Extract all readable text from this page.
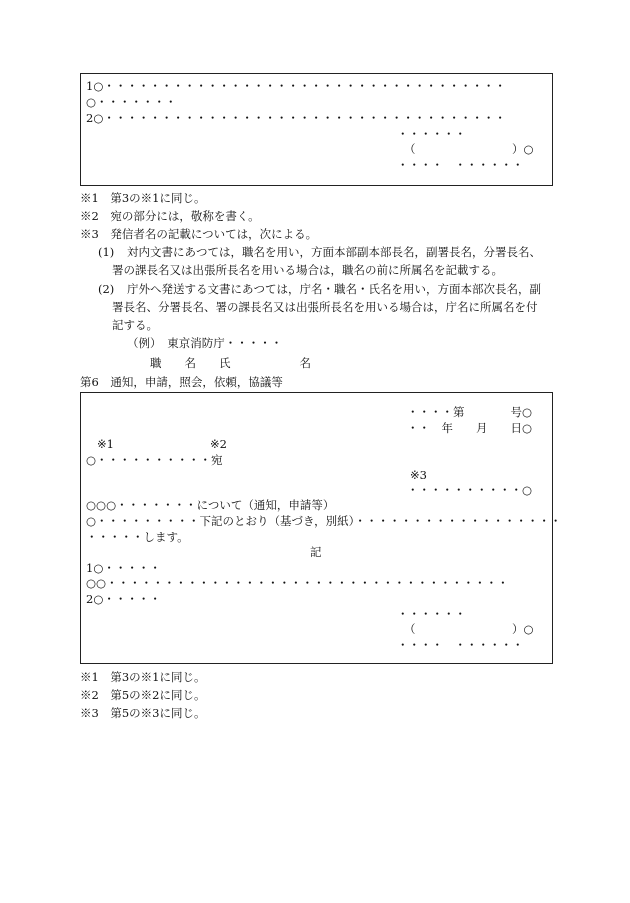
1○・・・・・・・・・・・・・・・・・・・・・・・・・・・・・・・・・・・
○・・・・・・・
2○・・・・・・・・・・・・・・・・・・・・・・・・・・・・・・・・・・・
・・・・・・
（	）○
・・・・　・・・・・・
※1　第3の※1に同じ。
※2　宛の部分には，敬称を書く。
※3　発信者名の記載については，次による。
(1) 対内文書にあつては，職名を用い，方面本部副本部長名，副署長名，分署長名、
署の課長名又は出張所長名を用いる場合は，職名の前に所属名を記載する。
(2) 庁外へ発送する文書にあつては，庁名・職名・氏名を用い，方面本部次長名，副
署長名、分署長名、署の課長名又は出張所長名を用いる場合は，庁名に所属名を付
記する。
（例）　東京消防庁・・・・・
職　　名　　氏　　　　　　名
第6　通知，申請，照会，依頼，協議等
・・・・第　　　　号○
・・　年　　月　　日○
※1	※2
○・・・・・・・・・・宛
※3
・・・・・・・・・・○
○○○・・・・・・・について（通知，申請等）
○・・・・・・・・・下記のとおり（基づき，別紙）・・・・・・・・・・・・・・・・・・
・・・・・します。
記
1○・・・・・
○○・・・・・・・・・・・・・・・・・・・・・・・・・・・・・・・・・・・
2○・・・・・
・・・・・・
（	）○
・・・・　・・・・・・
※1　第3の※1に同じ。
※2　第5の※2に同じ。
※3　第5の※3に同じ。
